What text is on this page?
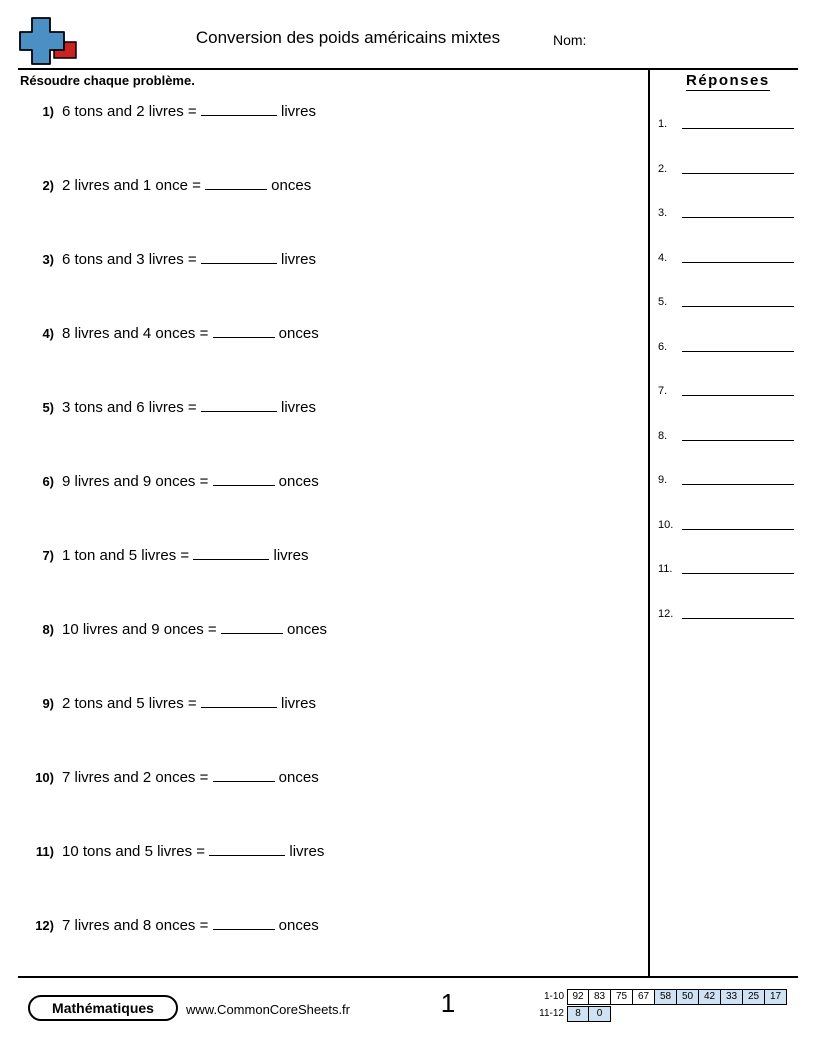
Conversion des poids américains mixtes	Nom:
Résoudre chaque problème.
1) 6 tons and 2 livres =	livres
2) 2 livres and 1 once =	onces
3) 6 tons and 3 livres =	livres
4) 8 livres and 4 onces =	onces
5) 3 tons and 6 livres =	livres
6) 9 livres and 9 onces =	onces
7) 1 ton and 5 livres =	livres
8) 10 livres and 9 onces =	onces
9) 2 tons and 5 livres =	livres
10) 7 livres and 2 onces =	onces
11) 10 tons and 5 livres =	livres
12) 7 livres and 8 onces =	onces
Réponses
1.
2.
3.
4.
5.
6.
7.
8.
9.
10.
11.
12.
Mathématiques	www.CommonCoreSheets.fr	1	1-10 92	83	75	67	58	50	42	33	25	17
11-12	8	0
